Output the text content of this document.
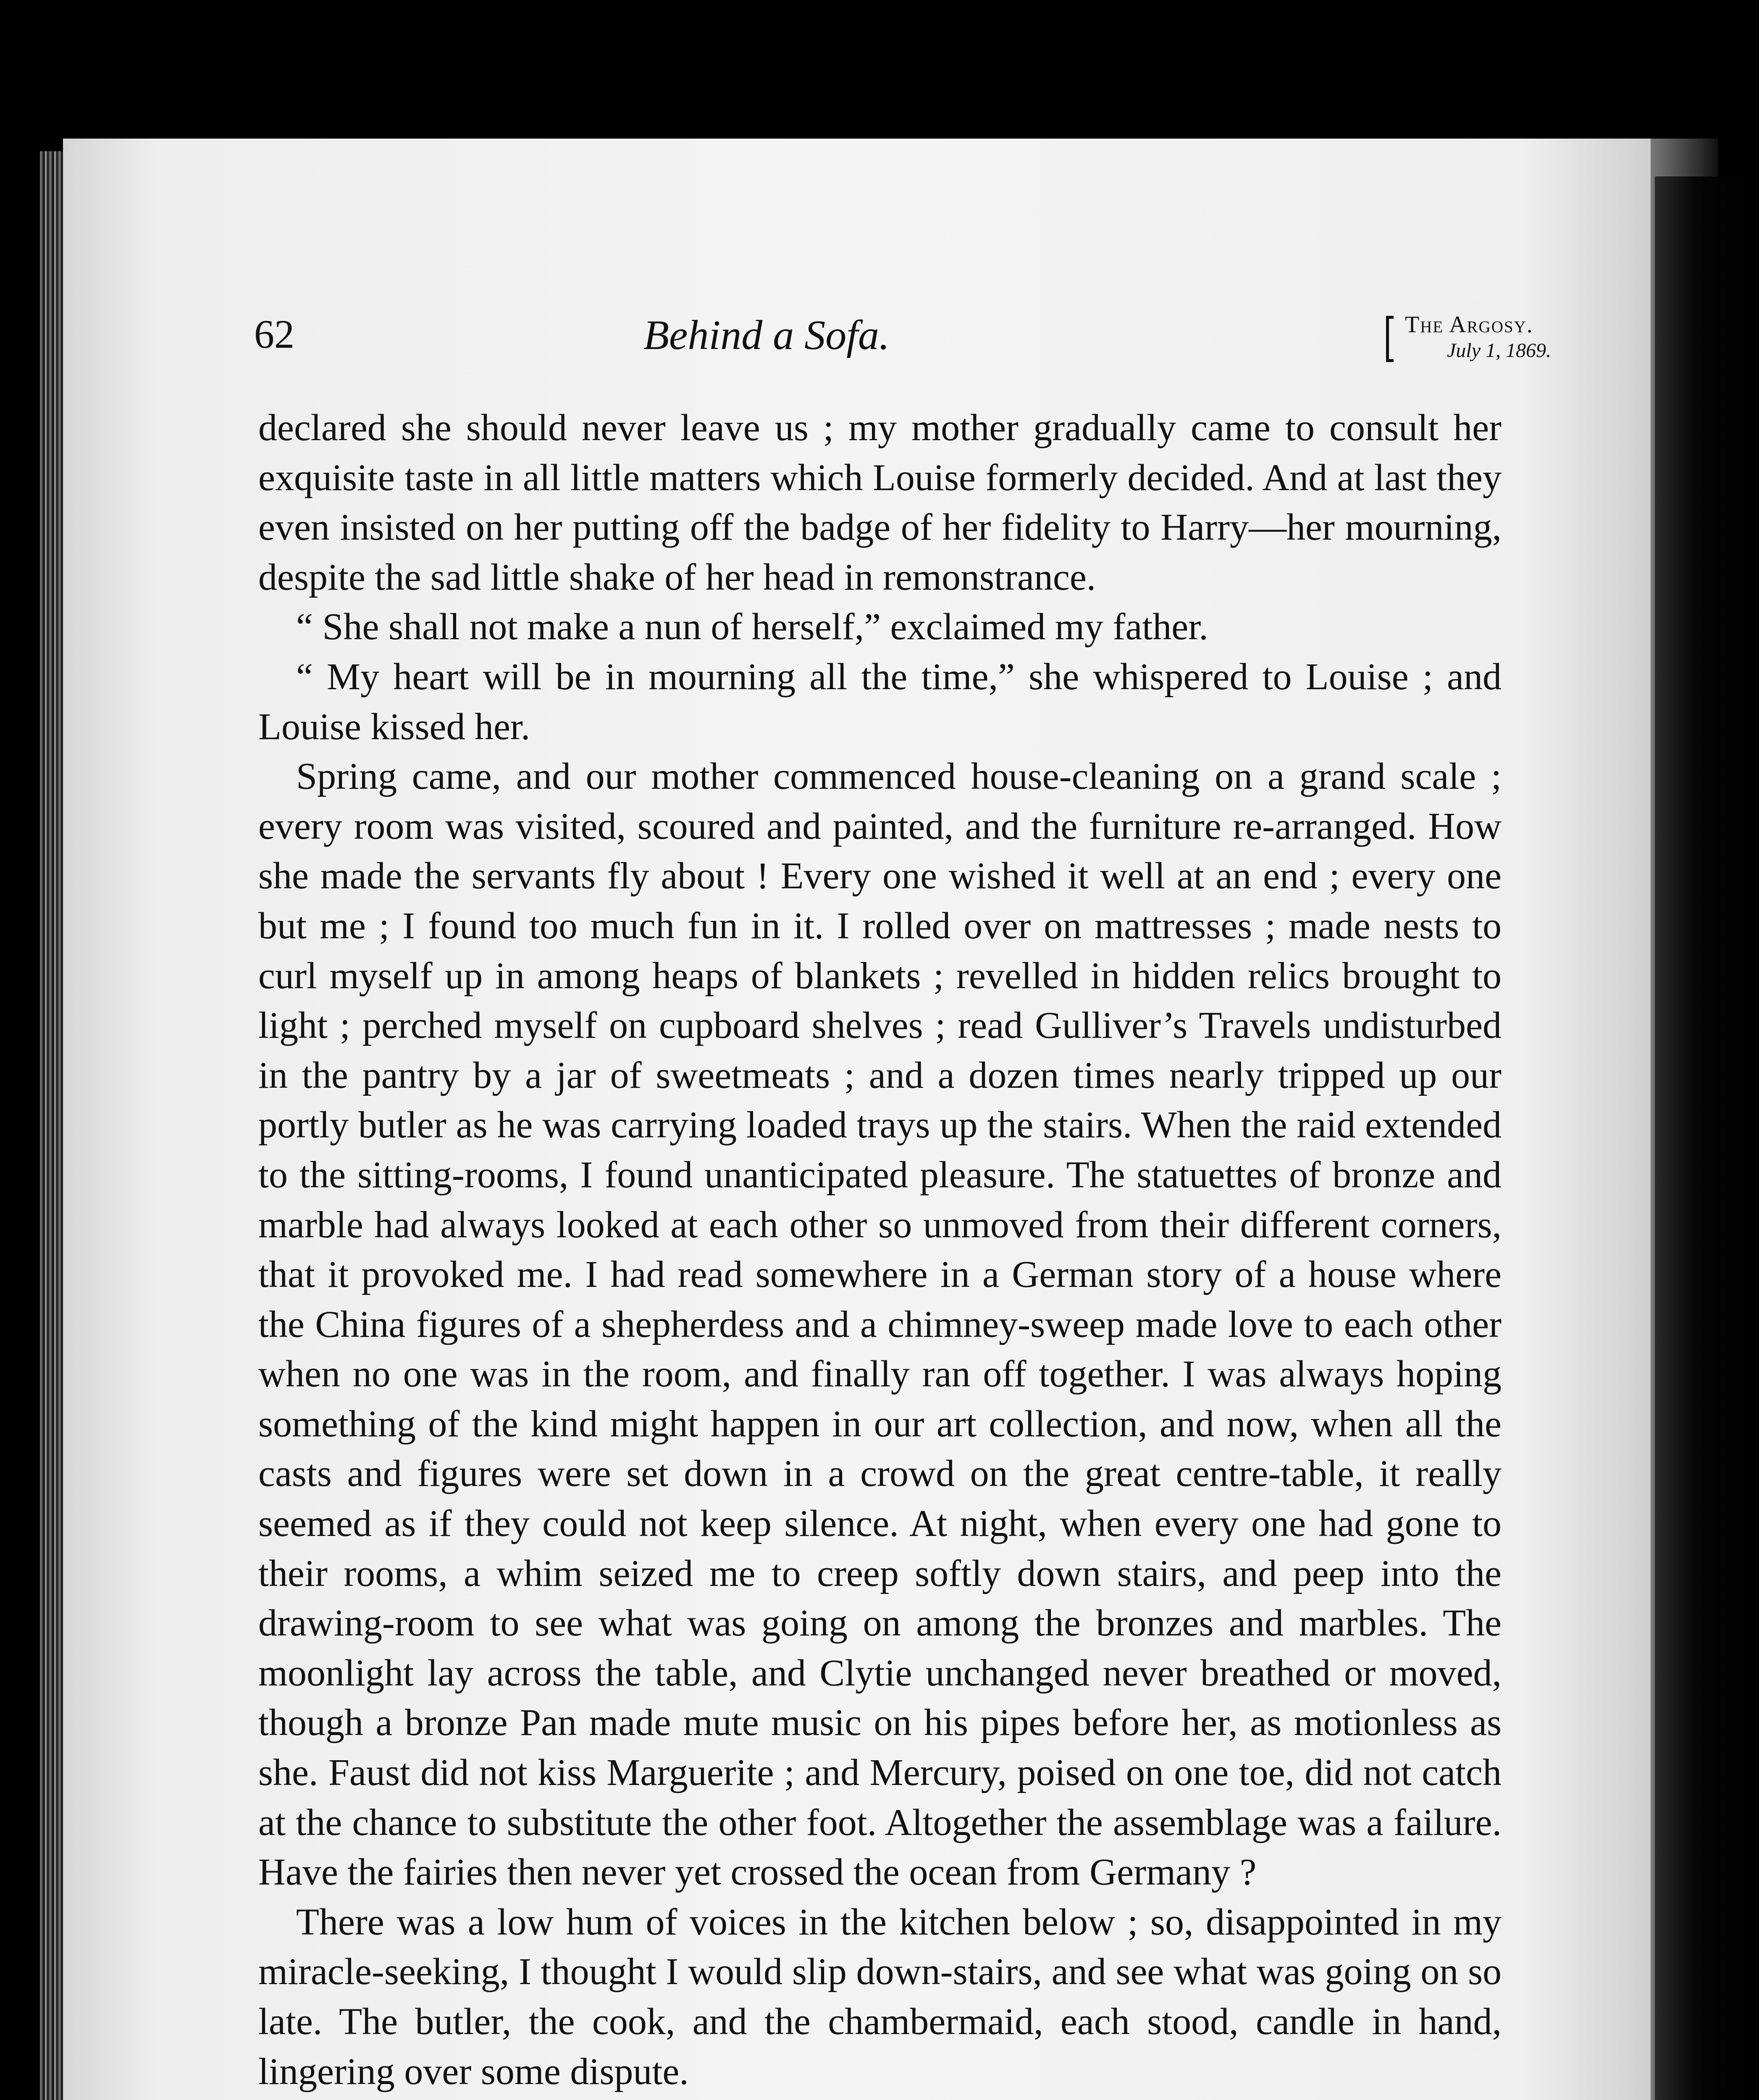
62	Behind a Sofa.	The Argosy.
July 1, 1869.

declared she should never leave us ; my mother gradually came to consult her exquisite taste in all little matters which Louise formerly decided. And at last they even insisted on her putting off the badge of her fidelity to Harry—her mourning, despite the sad little shake of her head in remonstrance.

“ She shall not make a nun of herself,” exclaimed my father.

“ My heart will be in mourning all the time,” she whispered to Louise ; and Louise kissed her.

Spring came, and our mother commenced house-cleaning on a grand scale ; every room was visited, scoured and painted, and the furniture re-arranged. How she made the servants fly about ! Every one wished it well at an end ; every one but me ; I found too much fun in it. I rolled over on mattresses ; made nests to curl myself up in among heaps of blankets ; revelled in hidden relics brought to light ; perched myself on cupboard shelves ; read Gulliver’s Travels undisturbed in the pantry by a jar of sweetmeats ; and a dozen times nearly tripped up our portly butler as he was carrying loaded trays up the stairs. When the raid extended to the sitting-rooms, I found unanticipated pleasure. The statuettes of bronze and marble had always looked at each other so unmoved from their different corners, that it provoked me. I had read somewhere in a German story of a house where the China figures of a shepherdess and a chimney-sweep made love to each other when no one was in the room, and finally ran off together. I was always hoping something of the kind might happen in our art collection, and now, when all the casts and figures were set down in a crowd on the great centre-table, it really seemed as if they could not keep silence. At night, when every one had gone to their rooms, a whim seized me to creep softly down stairs, and peep into the drawing-room to see what was going on among the bronzes and marbles. The moonlight lay across the table, and Clytie unchanged never breathed or moved, though a bronze Pan made mute music on his pipes before her, as motionless as she. Faust did not kiss Marguerite ; and Mercury, poised on one toe, did not catch at the chance to substitute the other foot. Altogether the assemblage was a failure. Have the fairies then never yet crossed the ocean from Germany ?

There was a low hum of voices in the kitchen below ; so, disappointed in my miracle-seeking, I thought I would slip down-stairs, and see what was going on so late. The butler, the cook, and the chambermaid, each stood, candle in hand, lingering over some dispute.
